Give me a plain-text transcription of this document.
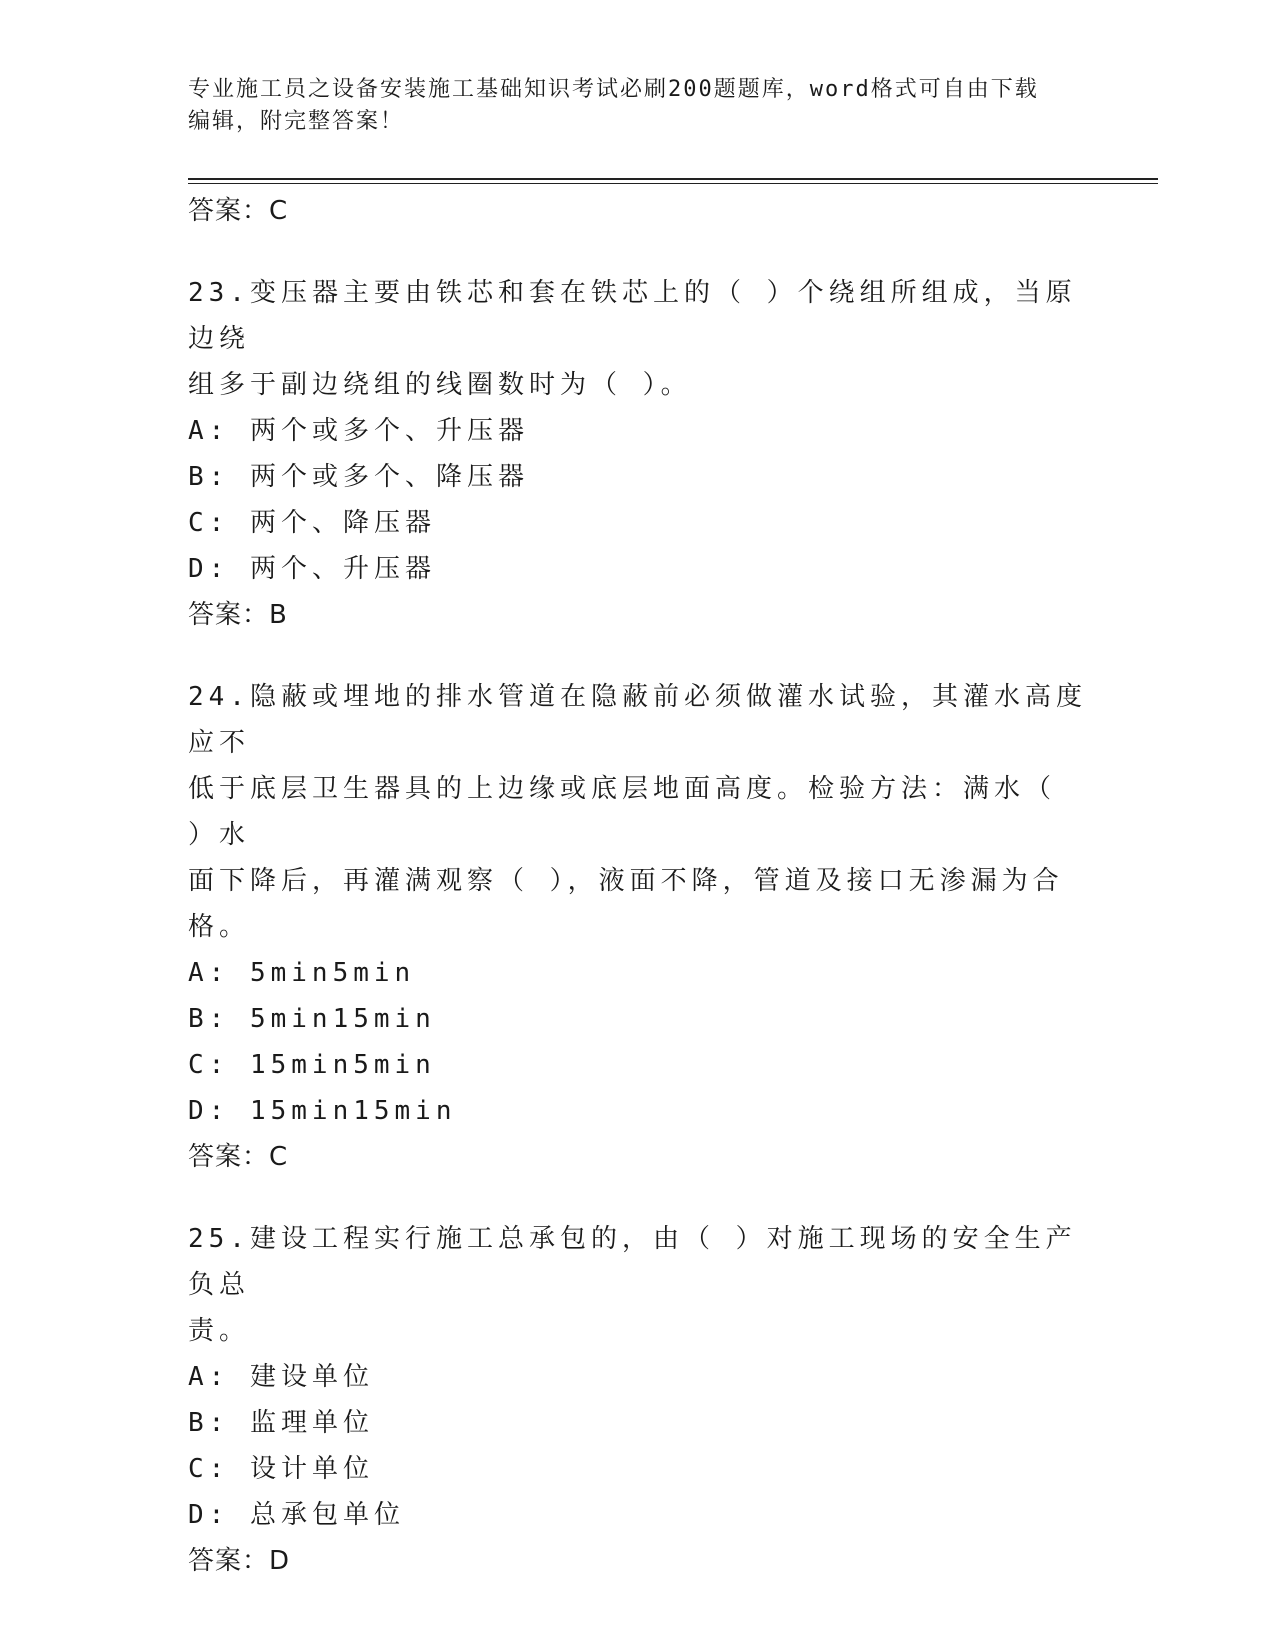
专业施工员之设备安装施工基础知识考试必刷200题题库，word格式可自由下载
编辑，附完整答案！
答案：C
23.变压器主要由铁芯和套在铁芯上的（ ）个绕组所组成，当原边绕
组多于副边绕组的线圈数时为（ ）。
A: 两个或多个、升压器
B: 两个或多个、降压器
C: 两个、降压器
D: 两个、升压器
答案：B
24.隐蔽或埋地的排水管道在隐蔽前必须做灌水试验，其灌水高度应不
低于底层卫生器具的上边缘或底层地面高度。检验方法：满水（ ）水
面下降后，再灌满观察（ ），液面不降，管道及接口无渗漏为合格。
A: 5min5min
B: 5min15min
C: 15min5min
D: 15min15min
答案：C
25.建设工程实行施工总承包的，由（ ）对施工现场的安全生产负总
责。
A: 建设单位
B: 监理单位
C: 设计单位
D: 总承包单位
答案：D
